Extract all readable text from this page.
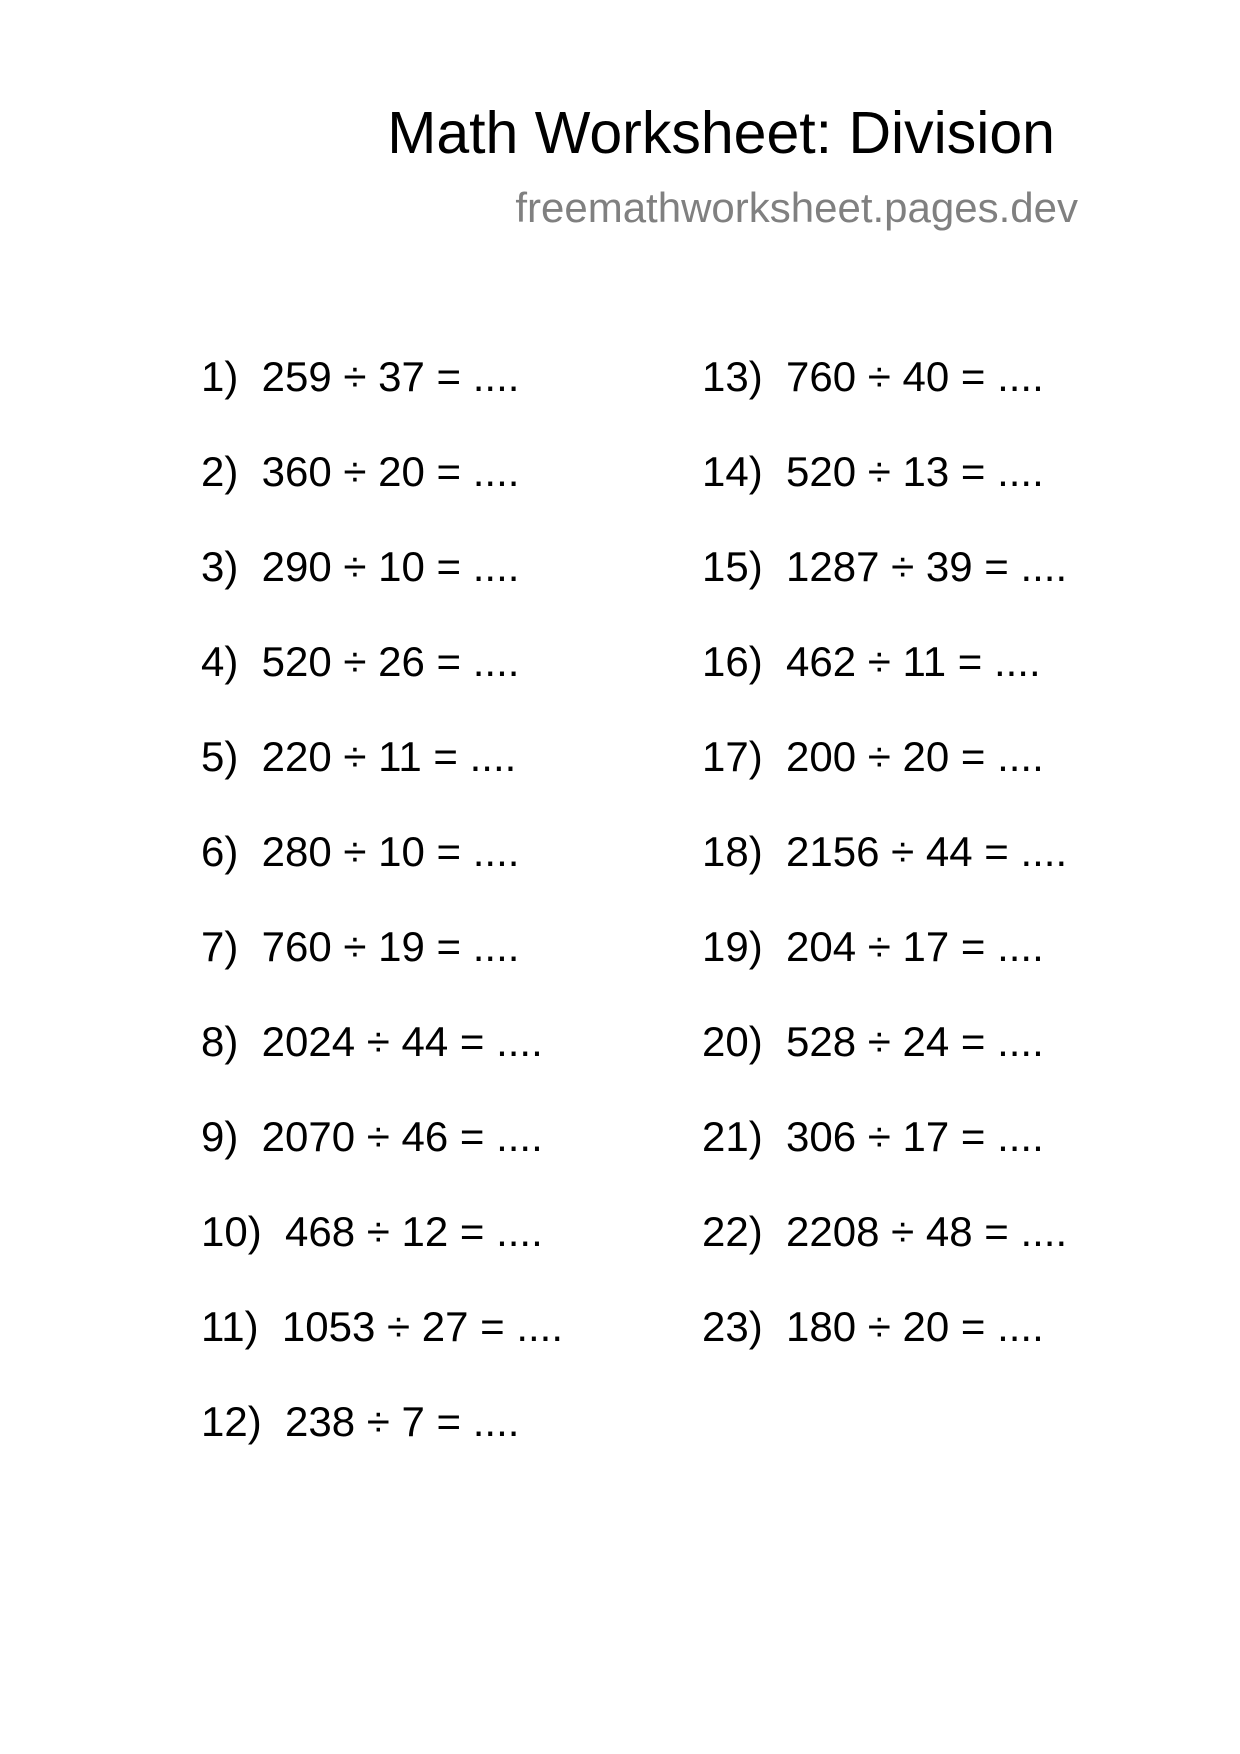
Math Worksheet: Division
freemathworksheet.pages.dev
1)  259 ÷ 37 = ....
2)  360 ÷ 20 = ....
3)  290 ÷ 10 = ....
4)  520 ÷ 26 = ....
5)  220 ÷ 11 = ....
6)  280 ÷ 10 = ....
7)  760 ÷ 19 = ....
8)  2024 ÷ 44 = ....
9)  2070 ÷ 46 = ....
10)  468 ÷ 12 = ....
11)  1053 ÷ 27 = ....
12)  238 ÷ 7 = ....
13)  760 ÷ 40 = ....
14)  520 ÷ 13 = ....
15)  1287 ÷ 39 = ....
16)  462 ÷ 11 = ....
17)  200 ÷ 20 = ....
18)  2156 ÷ 44 = ....
19)  204 ÷ 17 = ....
20)  528 ÷ 24 = ....
21)  306 ÷ 17 = ....
22)  2208 ÷ 48 = ....
23)  180 ÷ 20 = ....
